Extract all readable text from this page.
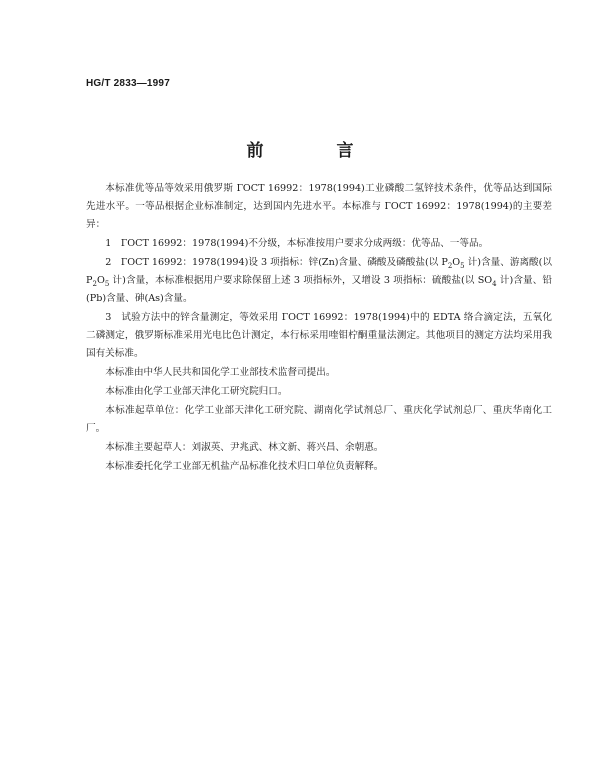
HG/T 2833—1997
前　言

本标准优等品等效采用俄罗斯 ГОСТ 16992：1978(1994)工业磷酸二氢锌技术条件，优等品达到国际先进水平。一等品根据企业标准制定，达到国内先进水平。本标准与 ГОСТ 16992：1978(1994)的主要差异：

1　ГОСТ 16992：1978(1994)不分级，本标准按用户要求分成两级：优等品、一等品。

2　ГОСТ 16992：1978(1994)设 3 项指标：锌(Zn)含量、磷酸及磷酸盐(以 $P_2O_5$ 计)含量、游离酸(以 $P_2O_5$ 计)含量，本标准根据用户要求除保留上述 3 项指标外，又增设 3 项指标：硫酸盐(以 $SO_4$ 计)含量、铅(Pb)含量、砷(As)含量。

3　试验方法中的锌含量测定，等效采用 ГОСТ 16992：1978(1994)中的 EDTA 络合滴定法，五氧化二磷测定，俄罗斯标准采用光电比色计测定，本行标采用喹钼柠酮重量法测定。其他项目的测定方法均采用我国有关标准。

本标准由中华人民共和国化学工业部技术监督司提出。

本标准由化学工业部天津化工研究院归口。

本标准起草单位：化学工业部天津化工研究院、湖南化学试剂总厂、重庆化学试剂总厂、重庆华南化工厂。

本标准主要起草人：刘淑英、尹兆武、林文新、蒋兴昌、余朝惠。

本标准委托化学工业部无机盐产品标准化技术归口单位负责解释。
